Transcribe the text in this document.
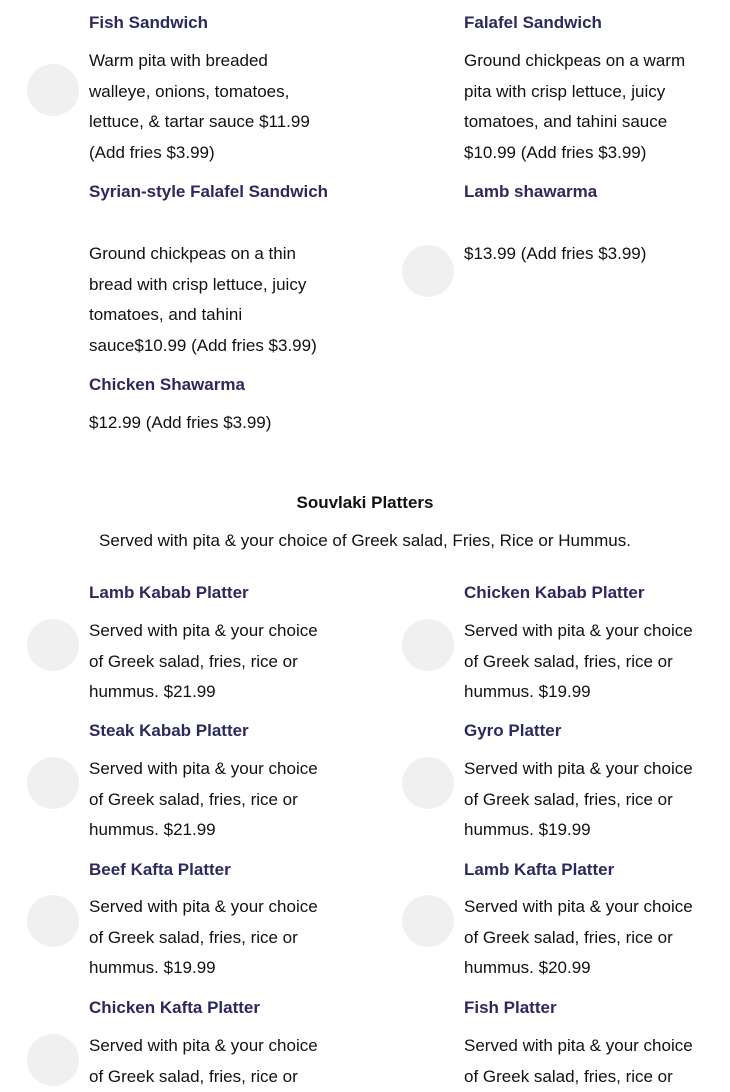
Fish Sandwich
Warm pita with breaded walleye, onions, tomatoes, lettuce, & tartar sauce $11.99 (Add fries $3.99)
Falafel Sandwich
Ground chickpeas on a warm pita with crisp lettuce, juicy tomatoes, and tahini sauce $10.99 (Add fries $3.99)
Syrian-style Falafel Sandwich
Ground chickpeas on a thin bread with crisp lettuce, juicy tomatoes, and tahini sauce$10.99 (Add fries $3.99)
Lamb shawarma
$13.99 (Add fries $3.99)
Chicken Shawarma
$12.99 (Add fries $3.99)
Souvlaki Platters
Served with pita & your choice of Greek salad, Fries, Rice or Hummus.
Lamb Kabab Platter
Served with pita & your choice of Greek salad, fries, rice or hummus. $21.99
Chicken Kabab Platter
Served with pita & your choice of Greek salad, fries, rice or hummus. $19.99
Steak Kabab Platter
Served with pita & your choice of Greek salad, fries, rice or hummus. $21.99
Gyro Platter
Served with pita & your choice of Greek salad, fries, rice or hummus. $19.99
Beef Kafta Platter
Served with pita & your choice of Greek salad, fries, rice or hummus. $19.99
Lamb Kafta Platter
Served with pita & your choice of Greek salad, fries, rice or hummus. $20.99
Chicken Kafta Platter
Served with pita & your choice of Greek salad, fries, rice or
Fish Platter
Served with pita & your choice of Greek salad, fries, rice or
